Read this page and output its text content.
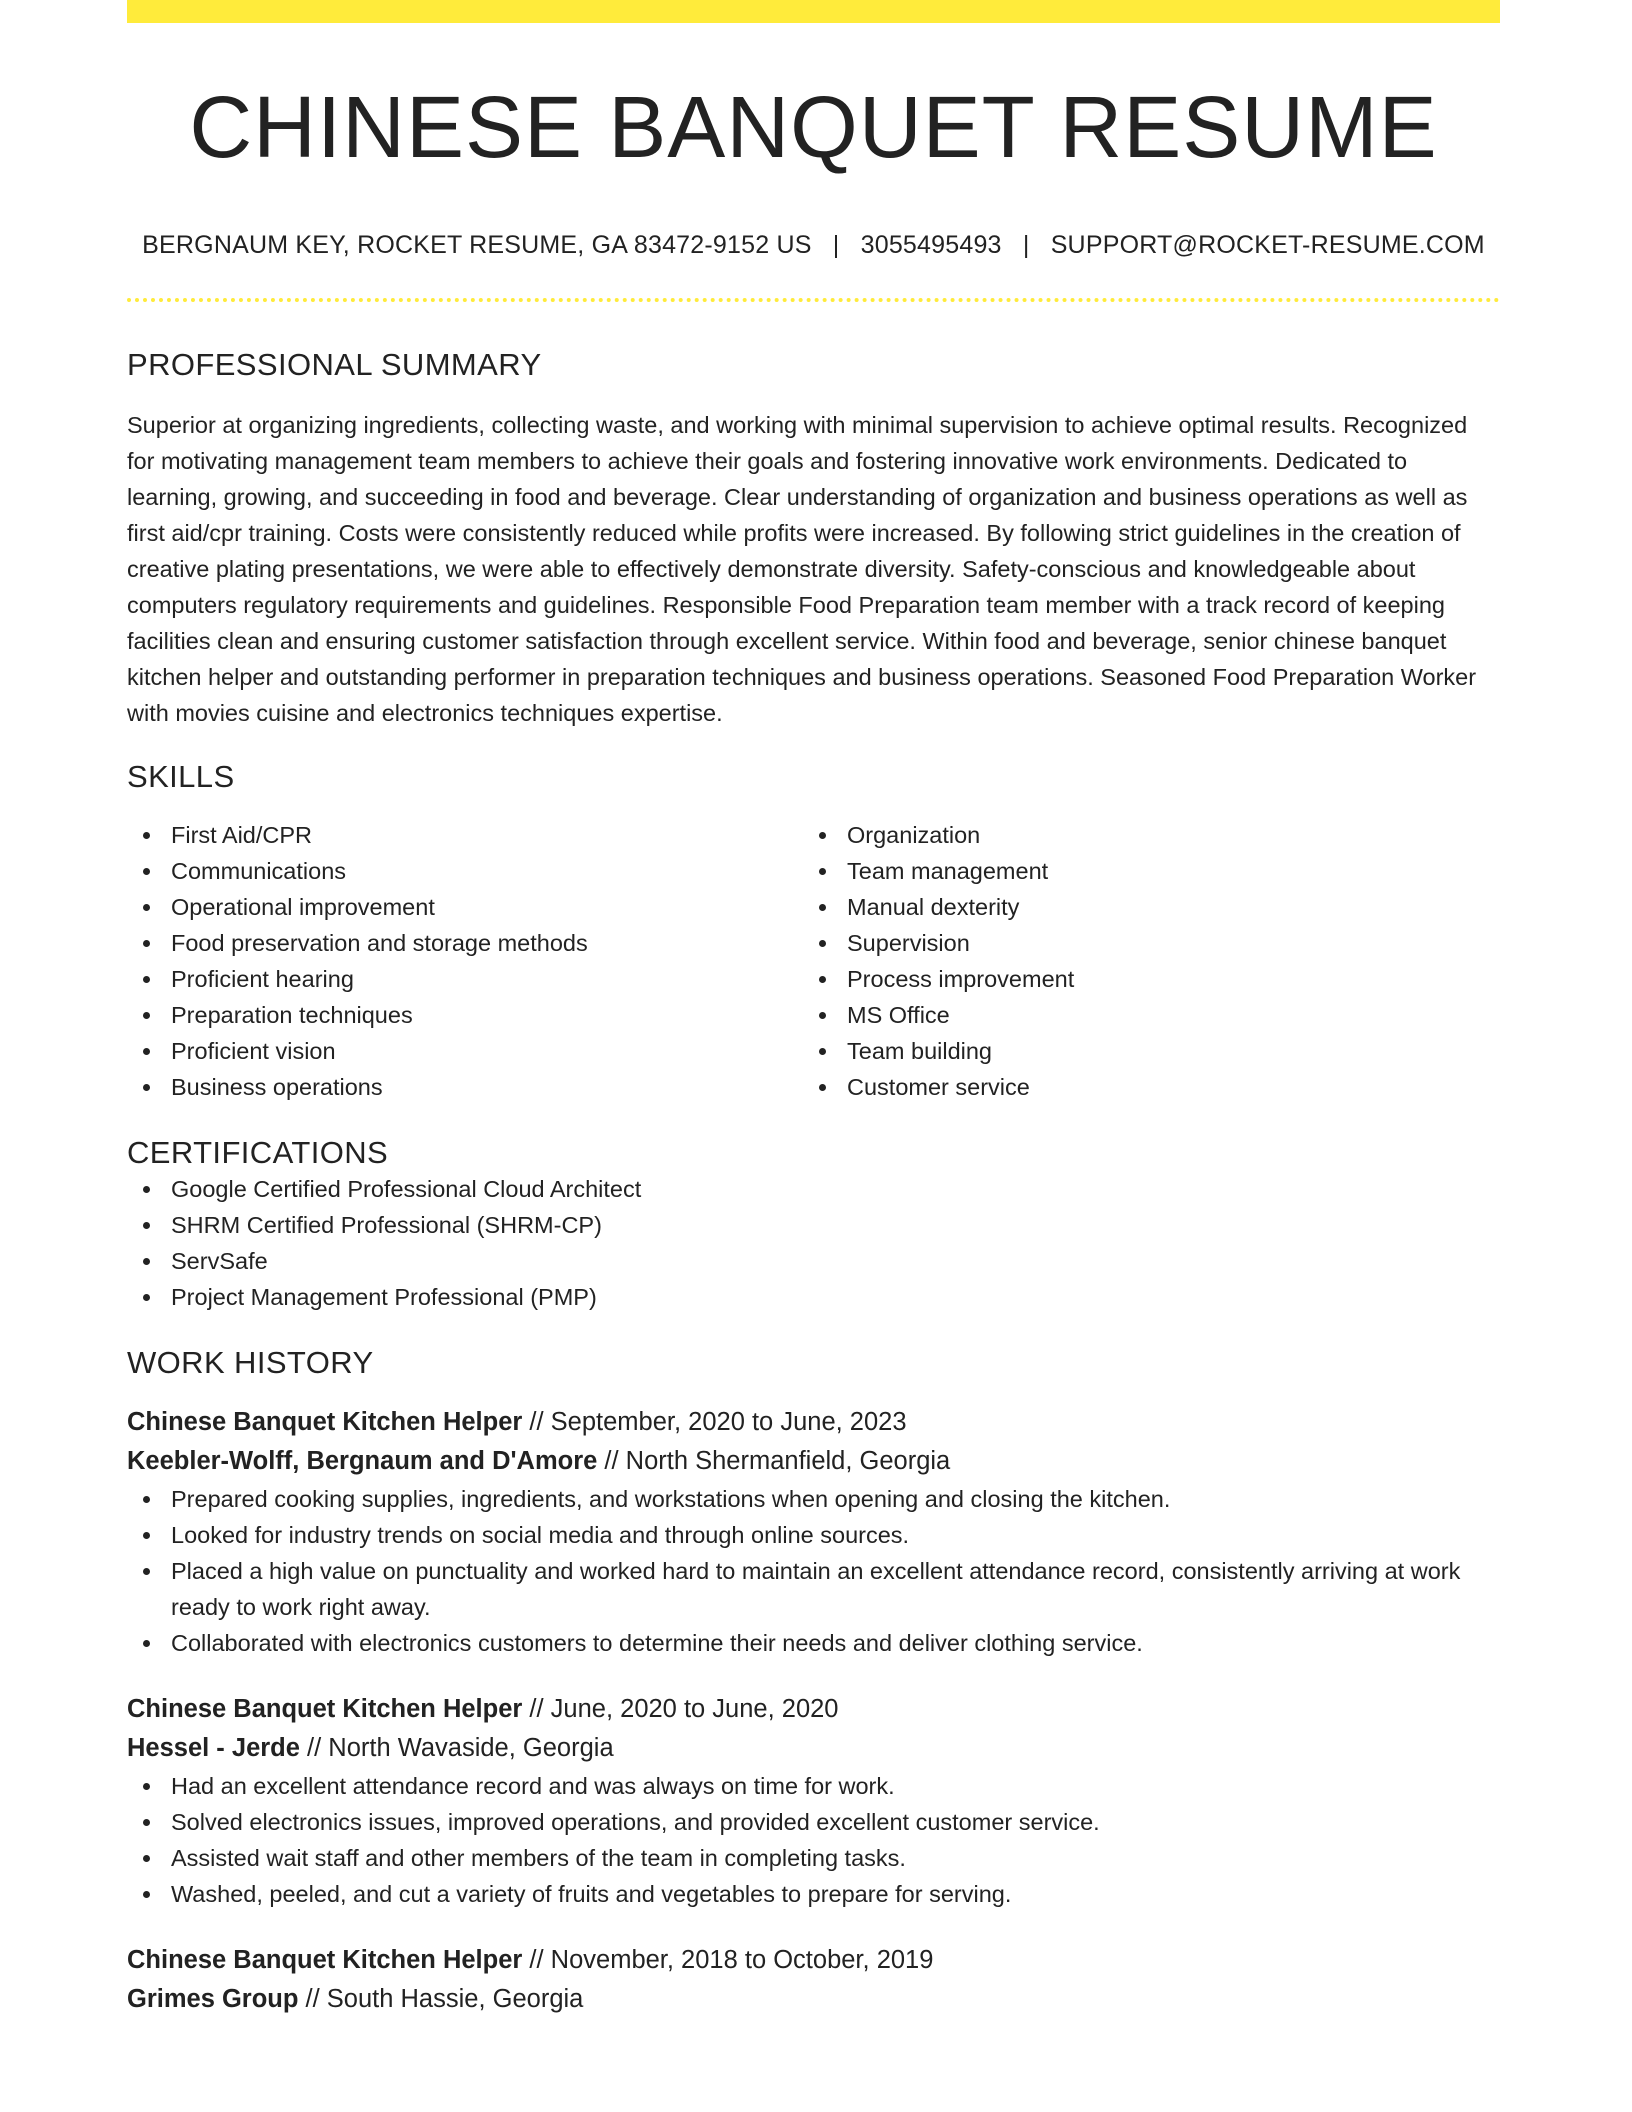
CHINESE BANQUET RESUME
BERGNAUM KEY, ROCKET RESUME, GA 83472-9152 US | 3055495493 | SUPPORT@ROCKET-RESUME.COM
PROFESSIONAL SUMMARY

Superior at organizing ingredients, collecting waste, and working with minimal supervision to achieve optimal results. Recognized for motivating management team members to achieve their goals and fostering innovative work environments. Dedicated to learning, growing, and succeeding in food and beverage. Clear understanding of organization and business operations as well as first aid/cpr training. Costs were consistently reduced while profits were increased. By following strict guidelines in the creation of creative plating presentations, we were able to effectively demonstrate diversity. Safety-conscious and knowledgeable about computers regulatory requirements and guidelines. Responsible Food Preparation team member with a track record of keeping facilities clean and ensuring customer satisfaction through excellent service. Within food and beverage, senior chinese banquet kitchen helper and outstanding performer in preparation techniques and business operations. Seasoned Food Preparation Worker with movies cuisine and electronics techniques expertise.

SKILLS
First Aid/CPR
Communications
Operational improvement
Food preservation and storage methods
Proficient hearing
Preparation techniques
Proficient vision
Business operations
Organization
Team management
Manual dexterity
Supervision
Process improvement
MS Office
Team building
Customer service
CERTIFICATIONS
Google Certified Professional Cloud Architect
SHRM Certified Professional (SHRM-CP)
ServSafe
Project Management Professional (PMP)
WORK HISTORY
Chinese Banquet Kitchen Helper // September, 2020 to June, 2023
Keebler-Wolff, Bergnaum and D'Amore // North Shermanfield, Georgia
Prepared cooking supplies, ingredients, and workstations when opening and closing the kitchen.
Looked for industry trends on social media and through online sources.
Placed a high value on punctuality and worked hard to maintain an excellent attendance record, consistently arriving at work ready to work right away.
Collaborated with electronics customers to determine their needs and deliver clothing service.
Chinese Banquet Kitchen Helper // June, 2020 to June, 2020
Hessel - Jerde // North Wavaside, Georgia
Had an excellent attendance record and was always on time for work.
Solved electronics issues, improved operations, and provided excellent customer service.
Assisted wait staff and other members of the team in completing tasks.
Washed, peeled, and cut a variety of fruits and vegetables to prepare for serving.
Chinese Banquet Kitchen Helper // November, 2018 to October, 2019
Grimes Group // South Hassie, Georgia
